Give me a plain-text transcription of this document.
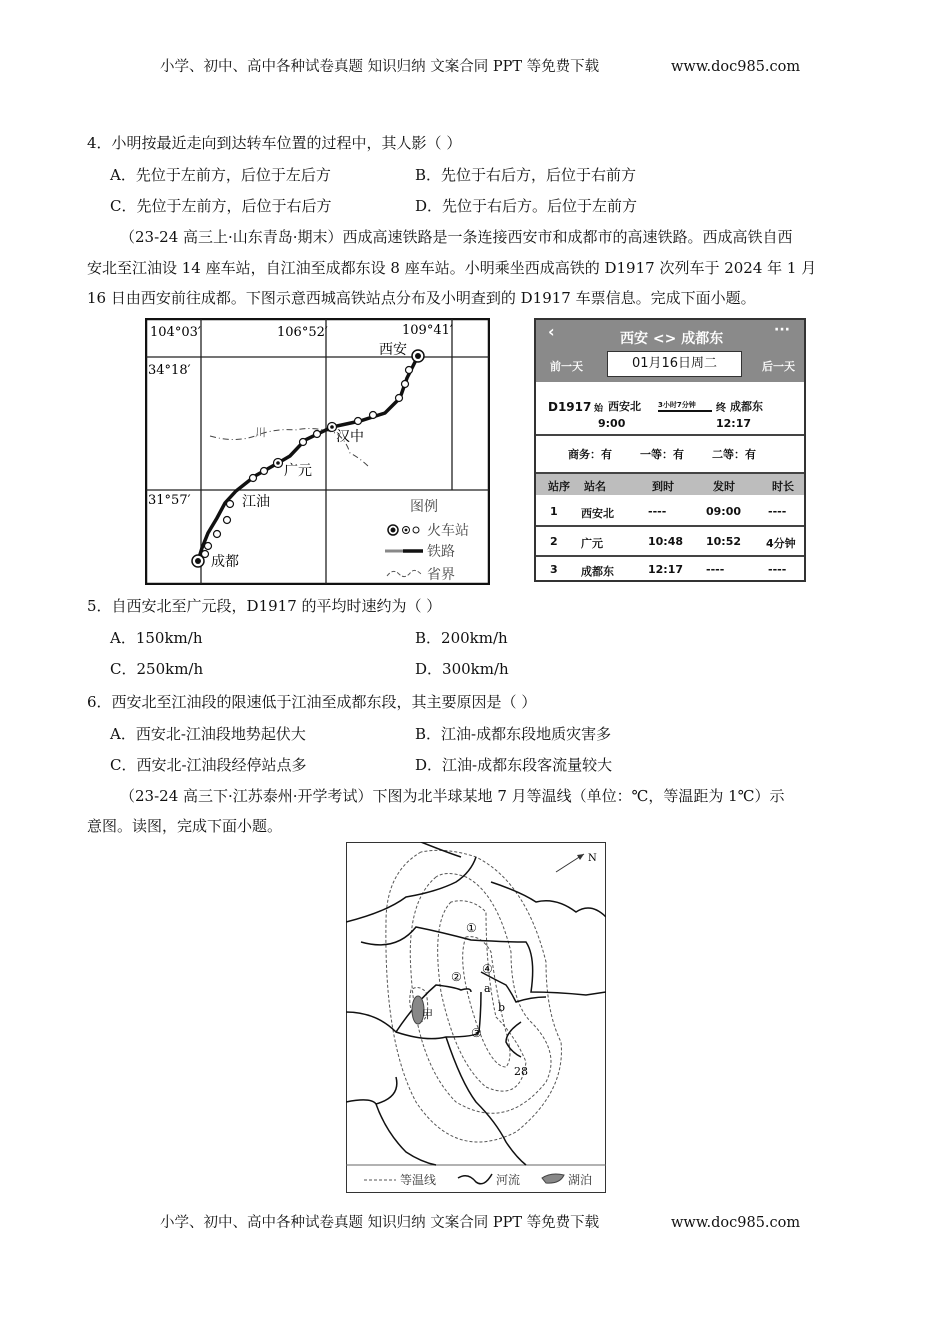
小学、初中、高中各种试卷真题 知识归纳 文案合同 PPT 等免费下载	www.doc985.com
4．小明按最近走向到达转车位置的过程中，其人影（ ）
A．先位于左前方，后位于左后方	B．先位于右后方，后位于右前方
C．先位于左前方，后位于右后方	D．先位于右后方。后位于左前方
（23-24 高三上·山东青岛·期末）西成高速铁路是一条连接西安市和成都市的高速铁路。西成高铁自西
安北至江油设 14 座车站，自江油至成都东设 8 座车站。小明乘坐西成高铁的 D1917 次列车于 2024 年 1 月
16 日由西安前往成都。下图示意西城高铁站点分布及小明查到的 D1917 车票信息。完成下面小题。
104°03′	106°52′	109°41′
34°18′
31°57′
川
西安
汉中
广元
江油
成都
图例
火车站
铁路
省界
‹	西安 <> 成都东
···
前一天	01月16日周二	后一天
D1917 始 西安北 3小时7分钟 终 成都东
9:00	12:17
商务：有	一等：有	二等：有
站序 站名	到时	发时	时长
1 西安北	----	09:00 ----
2 广元	10:48 10:52 4分钟
3 成都东	12:17 ----	----
5．自西安北至广元段，D1917 的平均时速约为（ ）
A．150km/h	B．200km/h
C．250km/h	D．300km/h
6．西安北至江油段的限速低于江油至成都东段，其主要原因是（ ）
A．西安北-江油段地势起伏大	B．江油-成都东段地质灾害多
C．西安北-江油段经停站点多	D．江油-成都东段客流量较大
（23-24 高三下·江苏泰州·开学考试）下图为北半球某地 7 月等温线（单位：℃，等温距为 1℃）示
意图。读图，完成下面小题。
N
①
②
③
④
a
b
28
甲
等温线	河流	湖泊
小学、初中、高中各种试卷真题 知识归纳 文案合同 PPT 等免费下载	www.doc985.com
